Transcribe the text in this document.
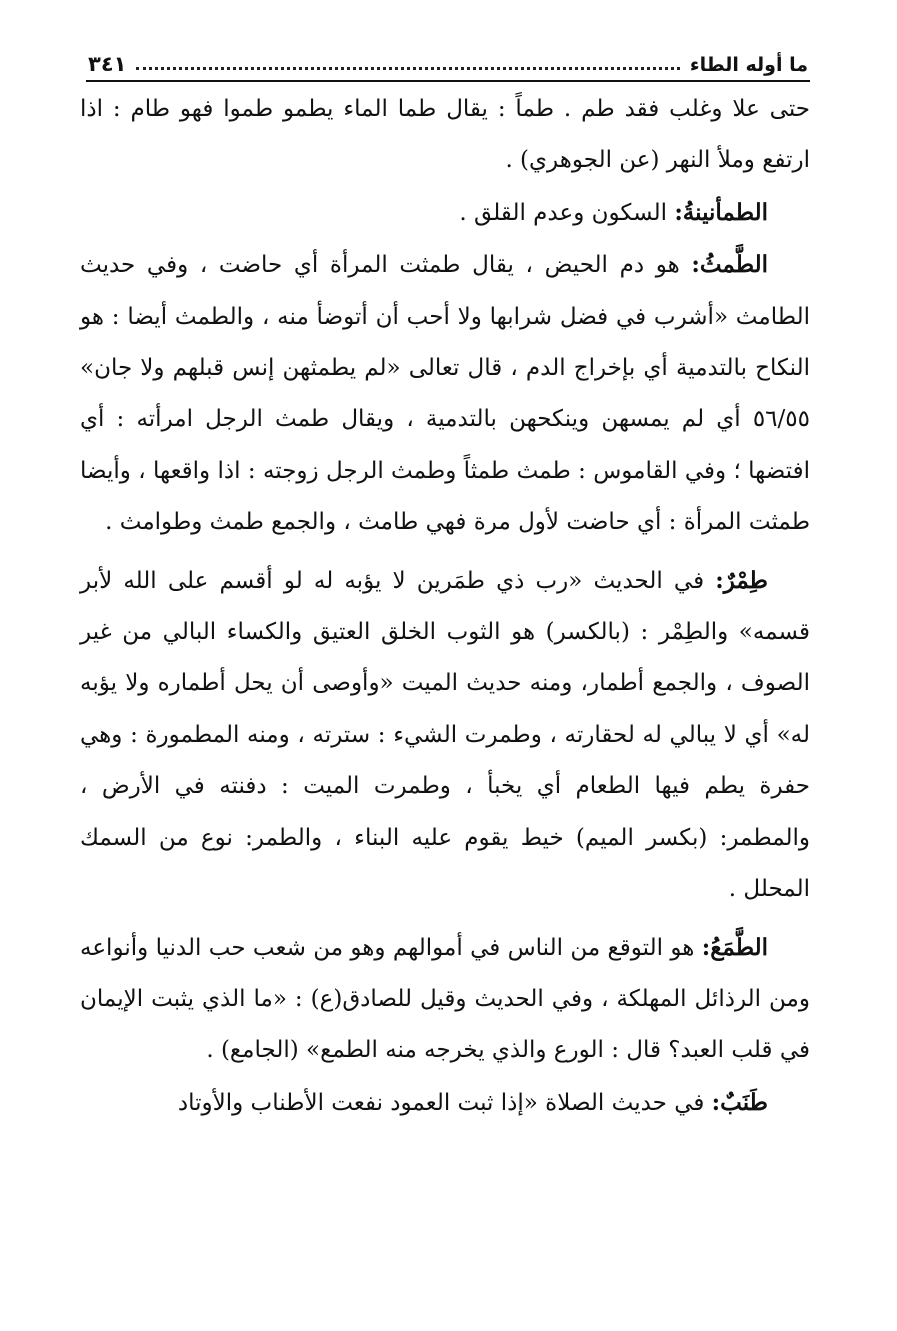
ما أوله الطاء
٣٤١

حتى علا وغلب فقد طم . طماً : يقال طما الماء يطمو طموا فهو طام : اذا ارتفع وملأ النهر (عن الجوهري) .

الطمأنينةُ: السكون وعدم القلق .

الطَّمثُ: هو دم الحيض ، يقال طمثت المرأة أي حاضت ، وفي حديث الطامث «أشرب في فضل شرابها ولا أحب أن أتوضأ منه ، والطمث أيضا : هو النكاح بالتدمية أي بإخراج الدم ، قال تعالى «لم يطمثهن إنس قبلهم ولا جان» ٥٦/٥٥ أي لم يمسهن وينكحهن بالتدمية ، ويقال طمث الرجل امرأته : أي افتضها ؛ وفي القاموس : طمث طمثاً وطمث الرجل زوجته : اذا واقعها ، وأيضا طمثت المرأة : أي حاضت لأول مرة فهي طامث ، والجمع طمث وطوامث .

طِمْرٌ: في الحديث «رب ذي طمَرين لا يؤبه له لو أقسم على الله لأبر قسمه» والطِمْر : (بالكسر) هو الثوب الخلق العتيق والكساء البالي من غير الصوف ، والجمع أطمار، ومنه حديث الميت «وأوصى أن يحل أطماره ولا يؤبه له» أي لا يبالي له لحقارته ، وطمرت الشيء : سترته ، ومنه المطمورة : وهي حفرة يطم فيها الطعام أي يخبأ ، وطمرت الميت : دفنته في الأرض ، والمطمر: (بكسر الميم) خيط يقوم عليه البناء ، والطمر: نوع من السمك المحلل .

الطَّمَعُ: هو التوقع من الناس في أموالهم وهو من شعب حب الدنيا وأنواعه ومن الرذائل المهلكة ، وفي الحديث وقيل للصادق(ع) : «ما الذي يثبت الإيمان في قلب العبد؟ قال : الورع والذي يخرجه منه الطمع» (الجامع) .

طَنَبٌ: في حديث الصلاة «إذا ثبت العمود نفعت الأطناب والأوتاد
